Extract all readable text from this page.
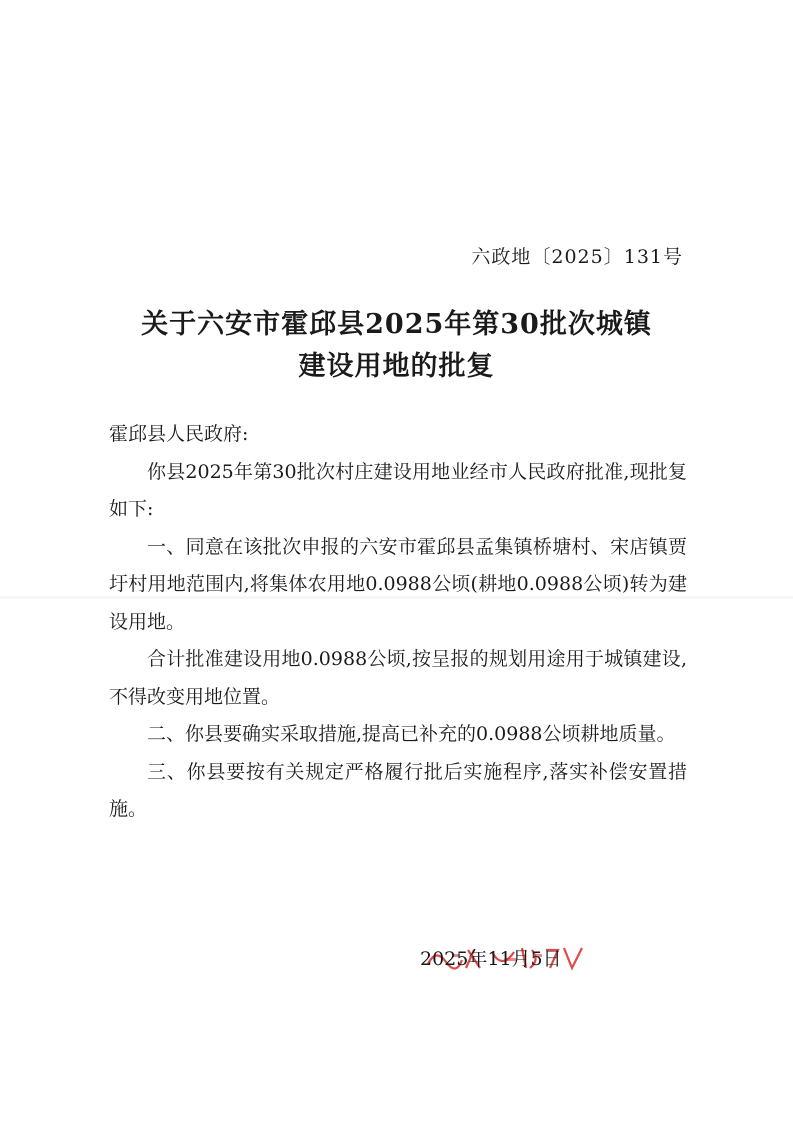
六政地〔2025〕131号
关于六安市霍邱县2025年第30批次城镇
建设用地的批复

霍邱县人民政府:

你县2025年第30批次村庄建设用地业经市人民政府批准,现批复如下:

一、同意在该批次申报的六安市霍邱县孟集镇桥塘村、宋店镇贾圩村用地范围内,将集体农用地0.0988公顷(耕地0.0988公顷)转为建设用地。

合计批准建设用地0.0988公顷,按呈报的规划用途用于城镇建设,不得改变用地位置。

二、你县要确实采取措施,提高已补充的0.0988公顷耕地质量。

三、你县要按有关规定严格履行批后实施程序,落实补偿安置措施。

2025年11月5日
